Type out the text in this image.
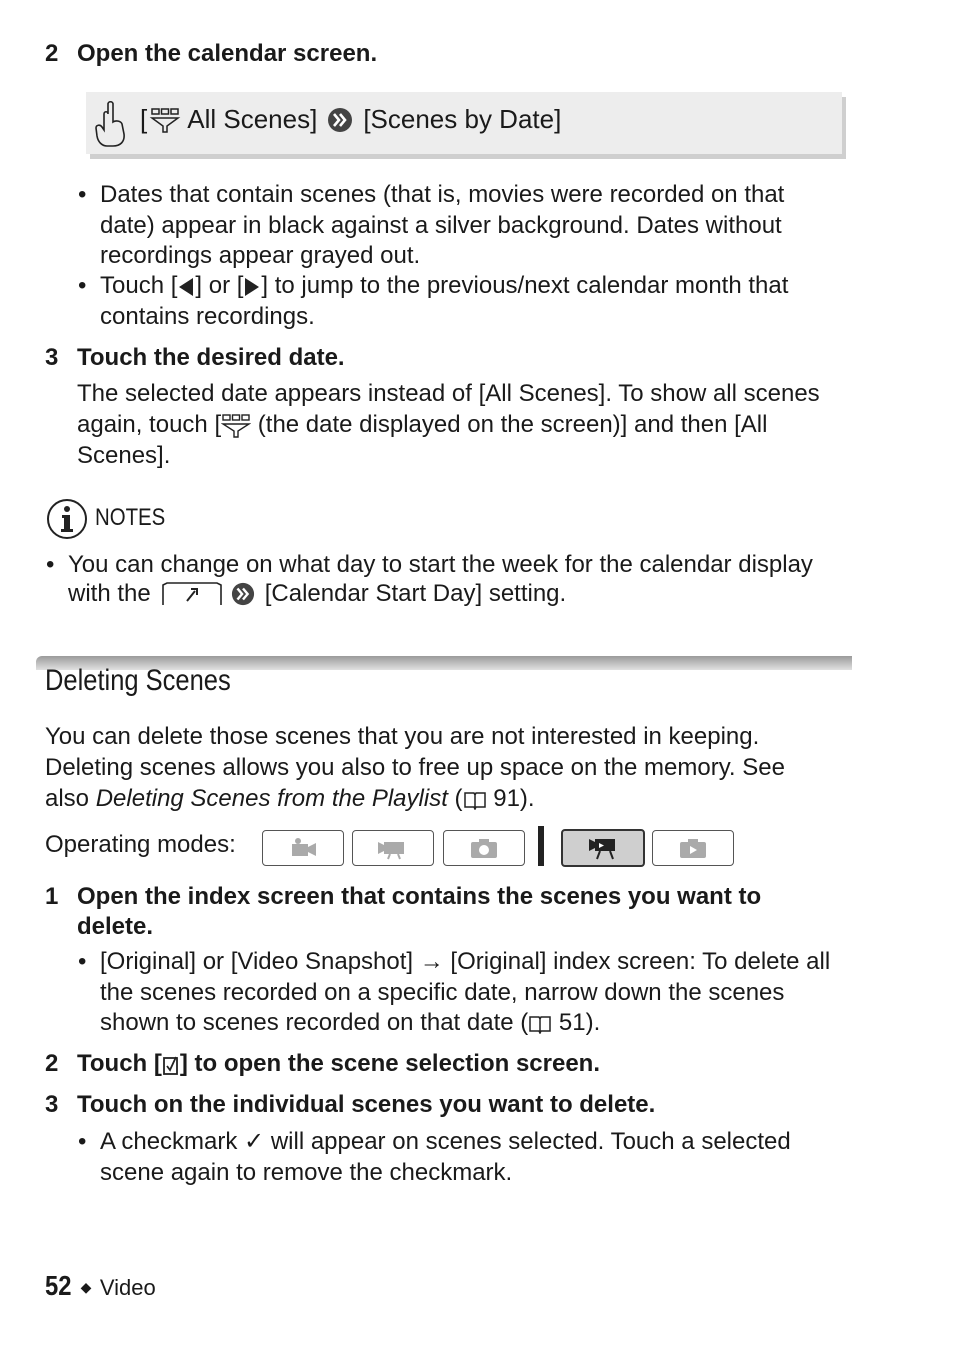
2 Open the calendar screen.
[ All Scenes] [Scenes by Date]
• Dates that contain scenes (that is, movies were recorded on that
date) appear in black against a silver background. Dates without
recordings appear grayed out.
• Touch [ ] or [ ] to jump to the previous/next calendar month that
contains recordings.
3 Touch the desired date.
The selected date appears instead of [All Scenes]. To show all scenes
again, touch [ (the date displayed on the screen)] and then [All
Scenes].
NOTES
• You can change on what day to start the week for the calendar display
with the	[Calendar Start Day] setting.
Deleting Scenes
You can delete those scenes that you are not interested in keeping.
Deleting scenes allows you also to free up space on the memory. See
also Deleting Scenes from the Playlist ( 91).
Operating modes:
1 Open the index screen that contains the scenes you want to
delete.
• [Original] or [Video Snapshot] → [Original] index screen: To delete all
the scenes recorded on a specific date, narrow down the scenes
shown to scenes recorded on that date ( 51).
2 Touch [ ] to open the scene selection screen.
3 Touch on the individual scenes you want to delete.
• A checkmark ✓ will appear on scenes selected. Touch a selected
scene again to remove the checkmark.
52 ◆ Video
